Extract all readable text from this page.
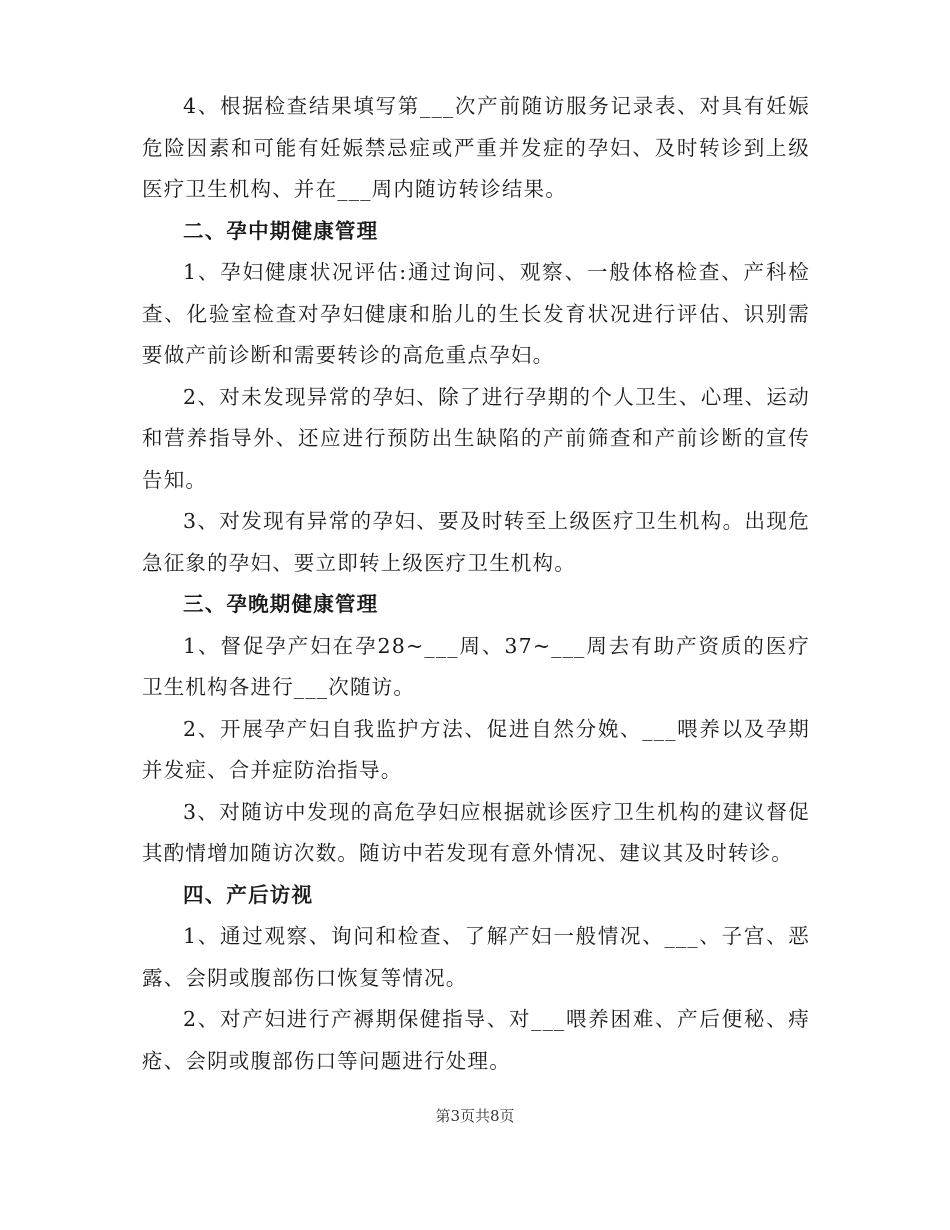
4、根据检查结果填写第___次产前随访服务记录表、对具有妊娠危险因素和可能有妊娠禁忌症或严重并发症的孕妇、及时转诊到上级医疗卫生机构、并在___周内随访转诊结果。

二、孕中期健康管理

1、孕妇健康状况评估:通过询问、观察、一般体格检查、产科检查、化验室检查对孕妇健康和胎儿的生长发育状况进行评估、识别需要做产前诊断和需要转诊的高危重点孕妇。

2、对未发现异常的孕妇、除了进行孕期的个人卫生、心理、运动和营养指导外、还应进行预防出生缺陷的产前筛查和产前诊断的宣传告知。

3、对发现有异常的孕妇、要及时转至上级医疗卫生机构。出现危急征象的孕妇、要立即转上级医疗卫生机构。

三、孕晚期健康管理

1、督促孕产妇在孕28~___周、37~___周去有助产资质的医疗卫生机构各进行___次随访。

2、开展孕产妇自我监护方法、促进自然分娩、___喂养以及孕期并发症、合并症防治指导。

3、对随访中发现的高危孕妇应根据就诊医疗卫生机构的建议督促其酌情增加随访次数。随访中若发现有意外情况、建议其及时转诊。

四、产后访视

1、通过观察、询问和检查、了解产妇一般情况、___、子宫、恶露、会阴或腹部伤口恢复等情况。

2、对产妇进行产褥期保健指导、对___喂养困难、产后便秘、痔疮、会阴或腹部伤口等问题进行处理。

第3页共8页
